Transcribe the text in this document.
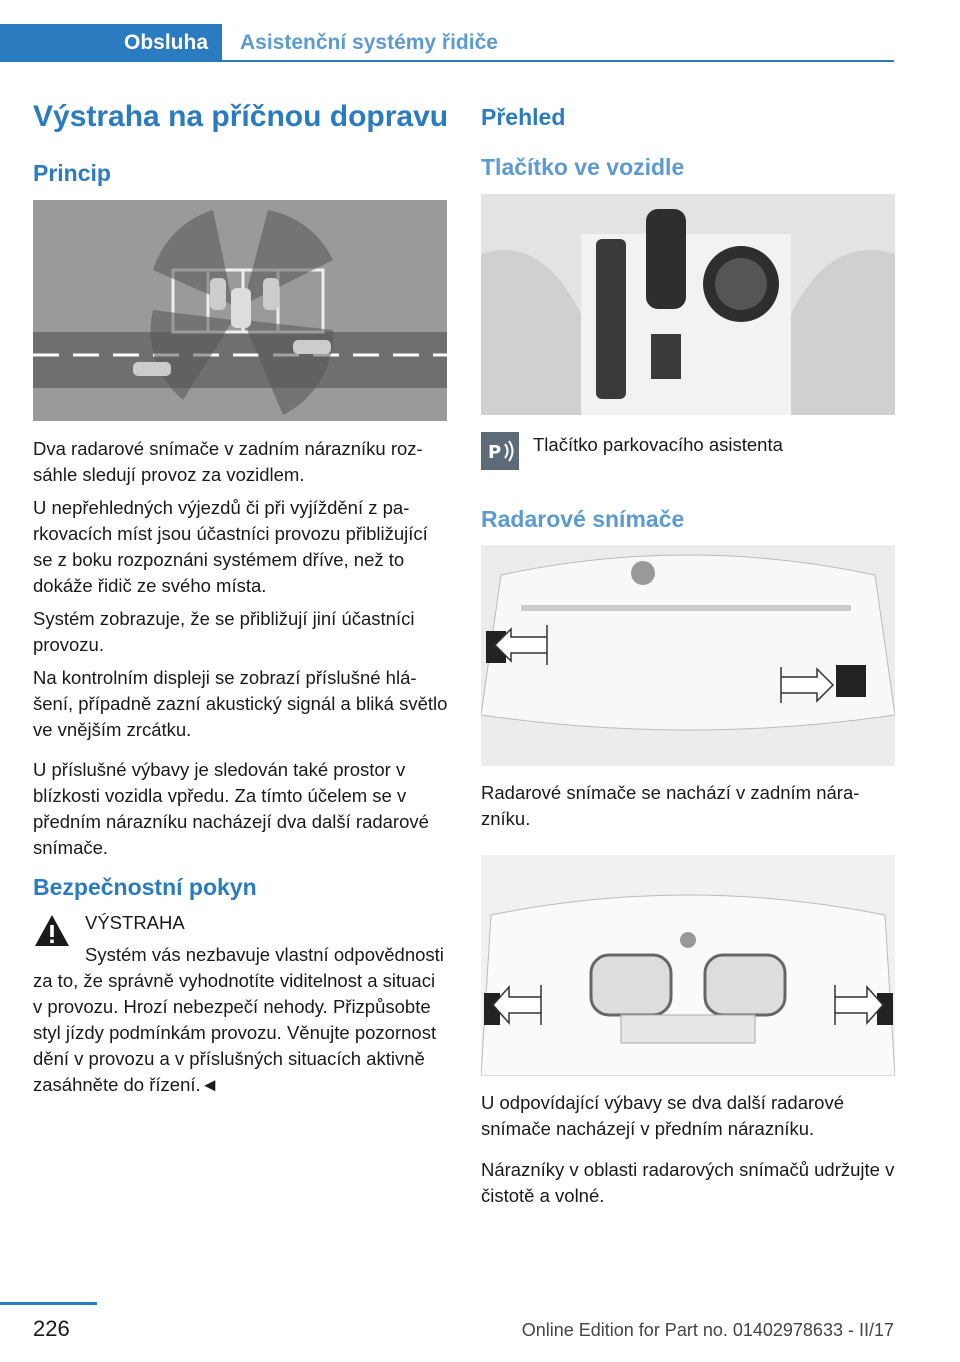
Obsluha	Asistenční systémy řidiče
Výstraha na příčnou dopravu
Princip

Dva radarové snímače v zadním nárazníku rozsáhle sledují provoz za vozidlem.

U nepřehledných výjezdů či při vyjíždění z parkovacích míst jsou účastníci provozu přibližující se z boku rozpoznáni systémem dříve, než to dokáže řidič ze svého místa.

Systém zobrazuje, že se přibližují jiní účastníci provozu.

Na kontrolním displeji se zobrazí příslušné hlášení, případně zazní akustický signál a bliká světlo ve vnějším zrcátku.

U příslušné výbavy je sledován také prostor v blízkosti vozidla vpředu. Za tímto účelem se v předním nárazníku nacházejí dva další radarové snímače.

Bezpečnostní pokyn
VÝSTRAHA
Systém vás nezbavuje vlastní odpovědnosti za to, že správně vyhodnotíte viditelnost a situaci v provozu. Hrozí nebezpečí nehody. Přizpůsobte styl jízdy podmínkám provozu. Věnujte pozornost dění v provozu a v příslušných situacích aktivně zasáhněte do řízení.◄
Přehled
Tlačítko ve vozidle
P Tlačítko parkovacího asistenta
Radarové snímače
Radarové snímače se nachází v zadním nárazníku.
U odpovídající výbavy se dva další radarové snímače nacházejí v předním nárazníku.
Nárazníky v oblasti radarových snímačů udržujte v čistotě a volné.
226	Online Edition for Part no. 01402978633 - II/17
